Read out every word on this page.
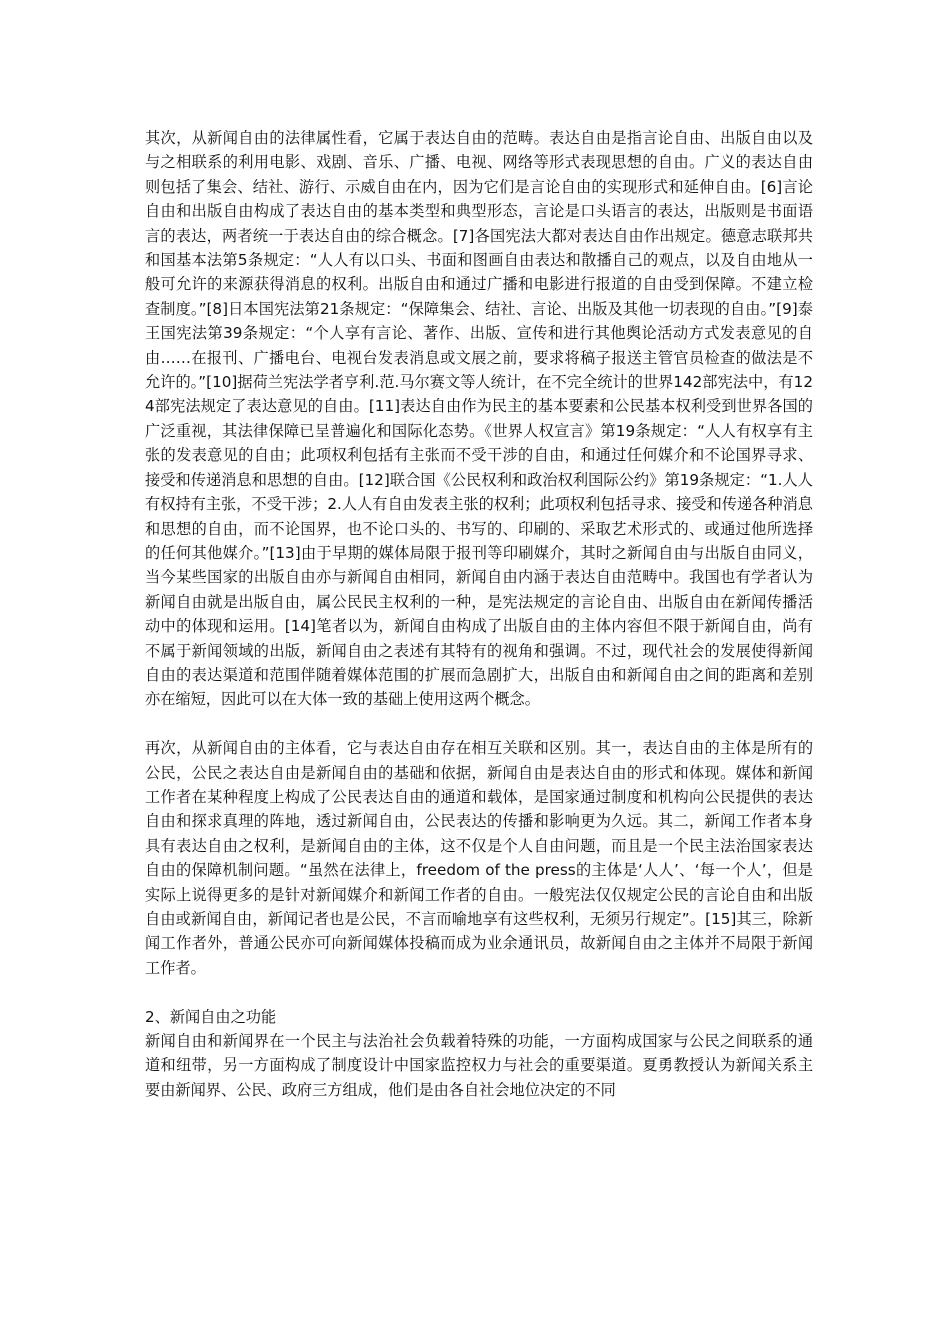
其次，从新闻自由的法律属性看，它属于表达自由的范畴。表达自由是指言论自由、出版自由以及与之相联系的利用电影、戏剧、音乐、广播、电视、网络等形式表现思想的自由。广义的表达自由则包括了集会、结社、游行、示威自由在内，因为它们是言论自由的实现形式和延伸自由。[6]言论自由和出版自由构成了表达自由的基本类型和典型形态，言论是口头语言的表达，出版则是书面语言的表达，两者统一于表达自由的综合概念。[7]各国宪法大都对表达自由作出规定。德意志联邦共和国基本法第5条规定：“人人有以口头、书面和图画自由表达和散播自己的观点，以及自由地从一般可允许的来源获得消息的权利。出版自由和通过广播和电影进行报道的自由受到保障。不建立检查制度。”[8]日本国宪法第21条规定：“保障集会、结社、言论、出版及其他一切表现的自由。”[9]泰王国宪法第39条规定：“个人享有言论、著作、出版、宣传和进行其他舆论活动方式发表意见的自由……在报刊、广播电台、电视台发表消息或文展之前，要求将稿子报送主管官员检查的做法是不允许的。”[10]据荷兰宪法学者亨利.范.马尔赛文等人统计，在不完全统计的世界142部宪法中，有124部宪法规定了表达意见的自由。[11]表达自由作为民主的基本要素和公民基本权利受到世界各国的广泛重视，其法律保障已呈普遍化和国际化态势。《世界人权宣言》第19条规定：“人人有权享有主张的发表意见的自由；此项权利包括有主张而不受干涉的自由，和通过任何媒介和不论国界寻求、接受和传递消息和思想的自由。[12]联合国《公民权利和政治权利国际公约》第19条规定：“1.人人有权持有主张，不受干涉；2.人人有自由发表主张的权利；此项权利包括寻求、接受和传递各种消息和思想的自由，而不论国界，也不论口头的、书写的、印刷的、采取艺术形式的、或通过他所选择的任何其他媒介。”[13]由于早期的媒体局限于报刊等印刷媒介，其时之新闻自由与出版自由同义，当今某些国家的出版自由亦与新闻自由相同，新闻自由内涵于表达自由范畴中。我国也有学者认为新闻自由就是出版自由，属公民民主权利的一种，是宪法规定的言论自由、出版自由在新闻传播活动中的体现和运用。[14]笔者以为，新闻自由构成了出版自由的主体内容但不限于新闻自由，尚有不属于新闻领域的出版，新闻自由之表述有其特有的视角和强调。不过，现代社会的发展使得新闻自由的表达渠道和范围伴随着媒体范围的扩展而急剧扩大，出版自由和新闻自由之间的距离和差别亦在缩短，因此可以在大体一致的基础上使用这两个概念。

再次，从新闻自由的主体看，它与表达自由存在相互关联和区别。其一，表达自由的主体是所有的公民，公民之表达自由是新闻自由的基础和依据，新闻自由是表达自由的形式和体现。媒体和新闻工作者在某种程度上构成了公民表达自由的通道和载体，是国家通过制度和机构向公民提供的表达自由和探求真理的阵地，透过新闻自由，公民表达的传播和影响更为久远。其二，新闻工作者本身具有表达自由之权利，是新闻自由的主体，这不仅是个人自由问题，而且是一个民主法治国家表达自由的保障机制问题。“虽然在法律上，freedom of the press的主体是‘人人’、‘每一个人’，但是实际上说得更多的是针对新闻媒介和新闻工作者的自由。一般宪法仅仅规定公民的言论自由和出版自由或新闻自由，新闻记者也是公民，不言而喻地享有这些权利，无须另行规定”。[15]其三，除新闻工作者外，普通公民亦可向新闻媒体投稿而成为业余通讯员，故新闻自由之主体并不局限于新闻工作者。

2、新闻自由之功能

新闻自由和新闻界在一个民主与法治社会负载着特殊的功能，一方面构成国家与公民之间联系的通道和纽带，另一方面构成了制度设计中国家监控权力与社会的重要渠道。夏勇教授认为新闻关系主要由新闻界、公民、政府三方组成，他们是由各自社会地位决定的不同
